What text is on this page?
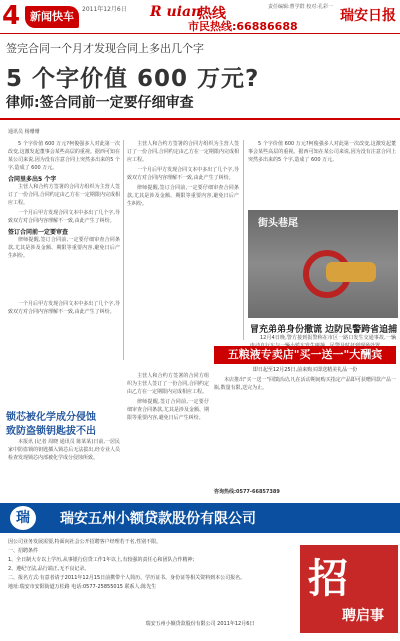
4 新闻快车
2011年12月6日 R uian
热线
市民热线:66886688
责任编辑:曹学群 校对:孔彩一
瑞安日报
签完合同一个月才发现合同上多出几个字
5 个字价值 600 万元?
律师:签合同前一定要仔细审查
通讯员 杨珊珊

5 个字价值 600 万元?柯俊强多人对此第一次改变,这激发起董事会某些高层的重视。据西可知在某公司来说,因为没有注意合同上突然多出来的5 个字,造成了 600 万元。

合同里多出5 个字

主营人和合约方签署的合同方组织为主营人签订了一份合同,合同约定由乙方在一定期限内完成相应工程。

一个月后甲方发现合同文本中多出了几个字,导致双方对合同内容理解不一致,由此产生了纠纷。

签订合同前一定要审查

律师提醒,签订合同前,一定要仔细审查合同条款,尤其是涉及金额、期限等重要内容,避免日后产生纠纷。

主营人和合约方签署的合同方组织为主营人签订了一份合同,合同约定由乙方在一定期限内完成相应工程。

一个月后甲方发现合同文本中多出了几个字,导致双方对合同内容理解不一致,由此产生了纠纷。

律师提醒,签订合同前,一定要仔细审查合同条款,尤其是涉及金额、期限等重要内容,避免日后产生纠纷。

5 个字价值 600 万元?柯俊强多人对此第一次改变,这激发起董事会某些高层的重视。据西可知在某公司来说,因为没有注意合同上突然多出来的5 个字,造成了 600 万元。

街头巷尾
冒充弟弟身份撒谎 边防民警跨省追捕

12月4日晚,警方接到报警称在市区一路口发生交通事故,一辆

一个月后甲方发现合同文本中多出了几个字,导致双方对合同内容理解不一致,由此产生了纠纷。

锁芯被化学成分侵蚀
致防盗锁钥匙拔不出

本报讯 (记者 周晓 通讯员 陈某某)日前,一居民家中防盗锁的钥匙插入锁芯后无法拔出,经专业人员检查发现锁芯内部被化学成分侵蚀所致。

主营人和合约方签署的合同方组织为主营人签订了一份合同,合同约定由乙方在一定期限内完成相应工程。

律师提醒,签订合同前,一定要仔细审查合同条款,尤其是涉及金额、期限等重要内容,避免日后产生纠纷。

五粮液专卖店"买一送一"大酬宾
即日起至12月25日,前来购买即送精美礼品一份

本店推出"买一送一"回馈活动,凡在活动期间购买指定产品即可获赠同款产品一瓶,数量有限,送完为止。

咨询热线:0577-66857389
瑞	瑞安五州小额贷款股份有限公司

因公司业务发展需要,特面向社会公开招聘客户经理若干名,性别不限。

一、招聘条件

1、全日制大专以上学历,从事银行信贷工作1年以上,有较强的责任心和团队合作精神;

2、遵纪守法,品行端正,无不良记录。

二、报名方式:有意者请于2011年12月15日前携带个人简历、学历证书、身份证等相关资料到本公司报名。

地址:瑞安市安阳街道万松路 电话:0577-25855015 联系人:陈先生	招
聘启事
瑞安五州小额贷款股份有限公司 2011年12月6日
